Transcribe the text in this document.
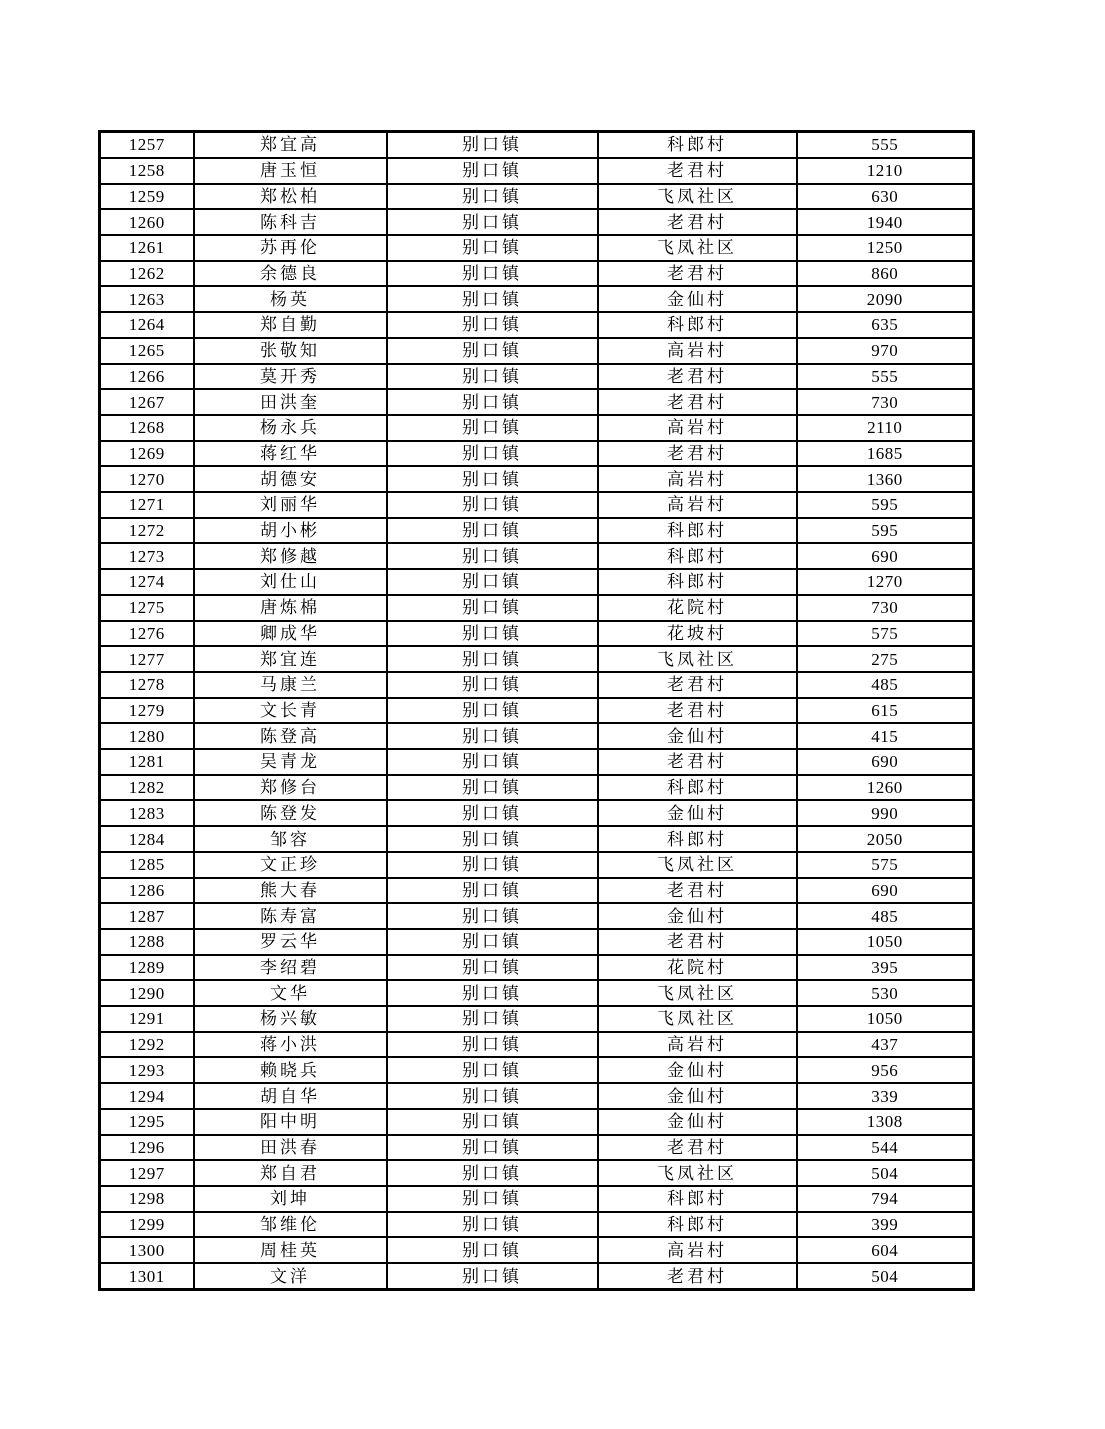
1257	郑宜高	别口镇	科郎村	555
1258	唐玉恒	别口镇	老君村	1210
1259	郑松柏	别口镇	飞凤社区	630
1260	陈科吉	别口镇	老君村	1940
1261	苏再伦	别口镇	飞凤社区	1250
1262	余德良	别口镇	老君村	860
1263	杨英	别口镇	金仙村	2090
1264	郑自勤	别口镇	科郎村	635
1265	张敬知	别口镇	高岩村	970
1266	莫开秀	别口镇	老君村	555
1267	田洪奎	别口镇	老君村	730
1268	杨永兵	别口镇	高岩村	2110
1269	蒋红华	别口镇	老君村	1685
1270	胡德安	别口镇	高岩村	1360
1271	刘丽华	别口镇	高岩村	595
1272	胡小彬	别口镇	科郎村	595
1273	郑修越	别口镇	科郎村	690
1274	刘仕山	别口镇	科郎村	1270
1275	唐炼棉	别口镇	花院村	730
1276	卿成华	别口镇	花坡村	575
1277	郑宜连	别口镇	飞凤社区	275
1278	马康兰	别口镇	老君村	485
1279	文长青	别口镇	老君村	615
1280	陈登高	别口镇	金仙村	415
1281	吴青龙	别口镇	老君村	690
1282	郑修台	别口镇	科郎村	1260
1283	陈登发	别口镇	金仙村	990
1284	邹容	别口镇	科郎村	2050
1285	文正珍	别口镇	飞凤社区	575
1286	熊大春	别口镇	老君村	690
1287	陈寿富	别口镇	金仙村	485
1288	罗云华	别口镇	老君村	1050
1289	李绍碧	别口镇	花院村	395
1290	文华	别口镇	飞凤社区	530
1291	杨兴敏	别口镇	飞凤社区	1050
1292	蒋小洪	别口镇	高岩村	437
1293	赖晓兵	别口镇	金仙村	956
1294	胡自华	别口镇	金仙村	339
1295	阳中明	别口镇	金仙村	1308
1296	田洪春	别口镇	老君村	544
1297	郑自君	别口镇	飞凤社区	504
1298	刘坤	别口镇	科郎村	794
1299	邹维伦	别口镇	科郎村	399
1300	周桂英	别口镇	高岩村	604
1301	文洋	别口镇	老君村	504
